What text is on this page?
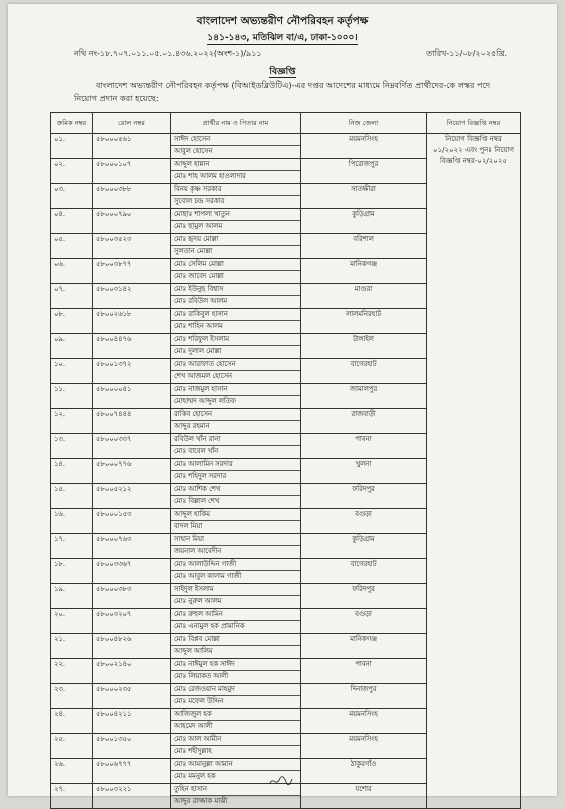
বাংলাদেশ অভ্যন্তরীণ নৌপরিবহন কর্তৃপক্ষ
১৪১-১৪৩, মতিঝিল বা/এ, ঢাকা-১০০০।
নথি নং-১৮.৭০৭.০১১.০৫.০১.৪৩৬.২০২২(অংশ-১)/৯১১	তারিখ-১১/০৮/২০২৫খ্রি.
বিজ্ঞপ্তি
বাংলাদেশ অভ্যন্তরীণ নৌপরিবহন কর্তৃপক্ষ (বিআইডব্লিউটিএ)-এর দপ্তর আদেশের মাধ্যমে নিম্নবর্ণিত প্রার্থীদের-কে লস্কর পদে নিয়োগ প্রদান করা হয়েছে:
ক্রমিক নম্বর	রোল নম্বর	প্রার্থীর নাম ও পিতার নাম	নিজ জেলা	নিয়োগ বিজ্ঞপ্তি নম্বর
০১.	৫৮০০০৫৬১	সাঈদ হোসেন
আবুল হোসেন	ময়মনসিংহ	নিয়োগ বিজ্ঞপ্তি নম্বর ০১/২০২২ এবং পুনঃ নিয়োগ বিজ্ঞপ্তি নম্বর-০২/২০২৫
০২.	৫৮০০০১০৭	আব্দুল হান্নান
মোঃ শাহ আলম হাওলাদার	পিরোজপুর	
০৩.	৫৮০০০৩৮৮	বিনয় কৃষ্ণ সরকার
সুবোল চন্দ্র সরকার	সাতক্ষীরা	
০৪.	৫৮০০০৭৯০	মোছাঃ শাপলা খাতুন
মোঃ ছামুল আলম	কুড়িগ্রাম	
০৫.	৫৮০০৩৫২৩	মোঃ হৃদয় মোল্লা
সুলতান মোল্লা	বরিশাল	
০৬.	৫৮০০৩৮৭৭	মোঃ সেলিম মোল্লা
মোঃ জাবেদ মোল্লা	মানিকগঞ্জ	
০৭.	৫৮০০৩১৪২	মোঃ ইউনুছ বিশ্বাস
মোঃ রবিউল আলম	মাগুরা	
০৮.	৫৮০০২৬১৮	মোঃ রাকিবুল হাসান
মোঃ শাহিন আলম	লালমনিরহাট	
০৯.	৫৮০০৪৪৭৬	মোঃ শরিফুল ইসলাম
মোঃ দুলাল মোল্লা	টাঙ্গাইল	
১০.	৫৮০০১৩৭২	মোঃ আরাফাত হোসেন
শেখ আজমল হোসেন	বাগেরহাট	
১১.	৫৮০০০০৪১	মোঃ নাজমুল হাসান
মোহাম্মদ আব্দুল লতিফ	জামালপুর	
১২.	৫৮০০৭৪৪৪	রাকিব হোসেন
আব্দুর রহমান	রাজবাড়ী	
১৩.	৫৮০০০৩৩৭	রবিউল খাঁন রানা
মোঃ বাবেল খাঁন	পাবনা	
১৪.	৫৮০০০৭৭৬	মোঃ আলামিন সরদার
মোঃ শহিদুল সরদার	খুলনা	
১৫.	৫৮০০৫২১২	মোঃ আশিক শেখ
মোঃ বিল্লাল শেখ	ফরিদপুর	
১৬.	৫৮০০০১৫৩	আব্দুল হাকিম
বাদল মিয়া	বগুড়া	
১৭.	৫৮০০০৭৬৩	সাহান মিয়া
জয়নাল আবেদীন	কুড়িগ্রাম	
১৮.	৫৮০০৩৩৬৭	মোঃ আলাউদ্দিন গাজী
মোঃ আবুল কালাম গাজী	বাগেরহাট	
১৯.	৫৮০০০৩৮৩	সাইদুল ইসলাম
মোঃ নুরুল আলম	ফরিদপুর	
২০.	৫৮০০৩২০৭	মোঃ রুহুল আমিন
মোঃ এনামুল হক প্রামানিক	বগুড়া	
২১.	৫৮০০৪৮২৬	মোঃ বিপ্লব মোল্লা
আব্দুল আলিম	মানিকগঞ্জ	
২২.	৫৮০০২১৪০	মোঃ নাঈমুল হক সাঈদ
মোঃ লিয়াকত আলী	পাবনা	
২৩.	৫৮০০০২৩৫	মোঃ রেজওয়ান মাহমুদ
মোঃ মফেল উদ্দিন	দিনাজপুর	
২৪.	৫৮০০৪২১১	আজিজুল হক
আহমেদ আলী	ময়মনসিংহ	
২৫.	৫৮০০১৩৫০	মোঃ আল আমীন
মোঃ শহীদুল্লাহ	ময়মনসিংহ	
২৬.	৫৮০০৬৭৭৭	মোঃ আমানুল্লা আমান
মোঃ মমনুল হক	ঠাকুরগাঁও	
২৭.	৫৮০০৩২২১	তুহিন হাসান
আব্দুর রাজ্জাক মাঝী	যশোর	
